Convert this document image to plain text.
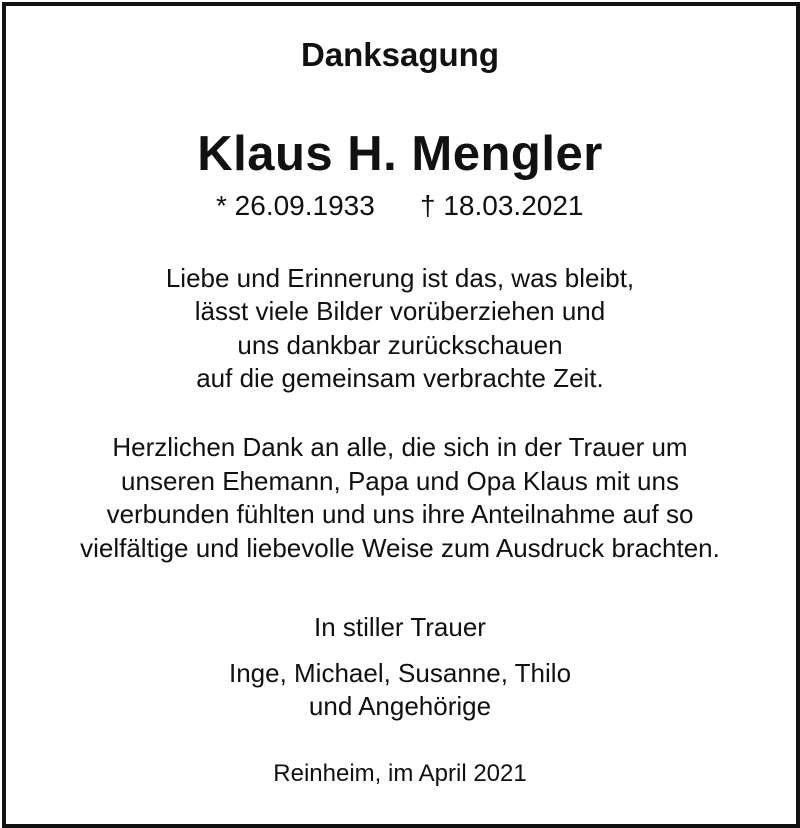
Danksagung
Klaus H. Mengler
* 26.09.1933 † 18.03.2021
Liebe und Erinnerung ist das, was bleibt,
lässt viele Bilder vorüberziehen und
uns dankbar zurückschauen
auf die gemeinsam verbrachte Zeit.
Herzlichen Dank an alle, die sich in der Trauer um
unseren Ehemann, Papa und Opa Klaus mit uns
verbunden fühlten und uns ihre Anteilnahme auf so
vielfältige und liebevolle Weise zum Ausdruck brachten.
In stiller Trauer
Inge, Michael, Susanne, Thilo
und Angehörige
Reinheim, im April 2021
